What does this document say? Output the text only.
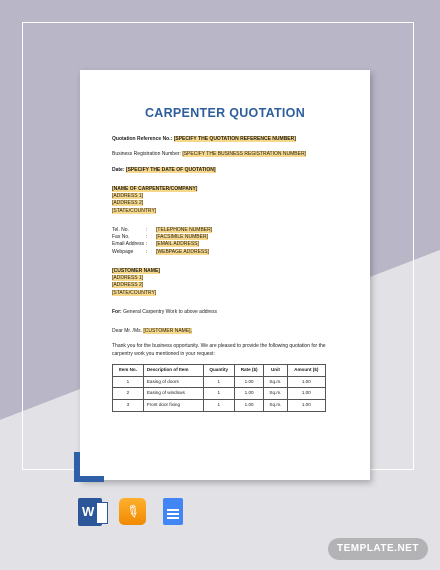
CARPENTER QUOTATION
Quotation Reference No.: [SPECIFY THE QUOTATION REFERENCE NUMBER]
Business Registration Number: [SPECIFY THE BUSINESS REGISTRATION NUMBER]
Date: [SPECIFY THE DATE OF QUOTATION]
[NAME OF CARPENTER/COMPANY]
[ADDRESS 1]
[ADDRESS 2]
[STATE/COUNTRY]
Tel. No.	:	[TELEPHONE NUMBER]
Fax No.	:	[FACSIMILE NUMBER]
Email Address :	[EMAIL ADDRESS]
Webpage	:	[WEBPAGE ADDRESS]
[CUSTOMER NAME]
[ADDRESS 1]
[ADDRESS 2]
[STATE/COUNTRY]
For: General Carpentry Work to above address
Dear Mr. /Ms. [CUSTOMER NAME],
Thank you for the business opportunity. We are pleased to provide the following quotation for the carpentry work you mentioned in your request:
Item No.	Description of Item	Quantity	Rate ($)	Unit	Amount ($)
1	Easing of doors	1	1.00	Sq.m.	1.00
2	Easing of windows	1	1.00	Sq.m.	1.00
3	Front door fixing	1	1.00	Sq.m.	1.00
W ✎
TEMPLATE.NET
